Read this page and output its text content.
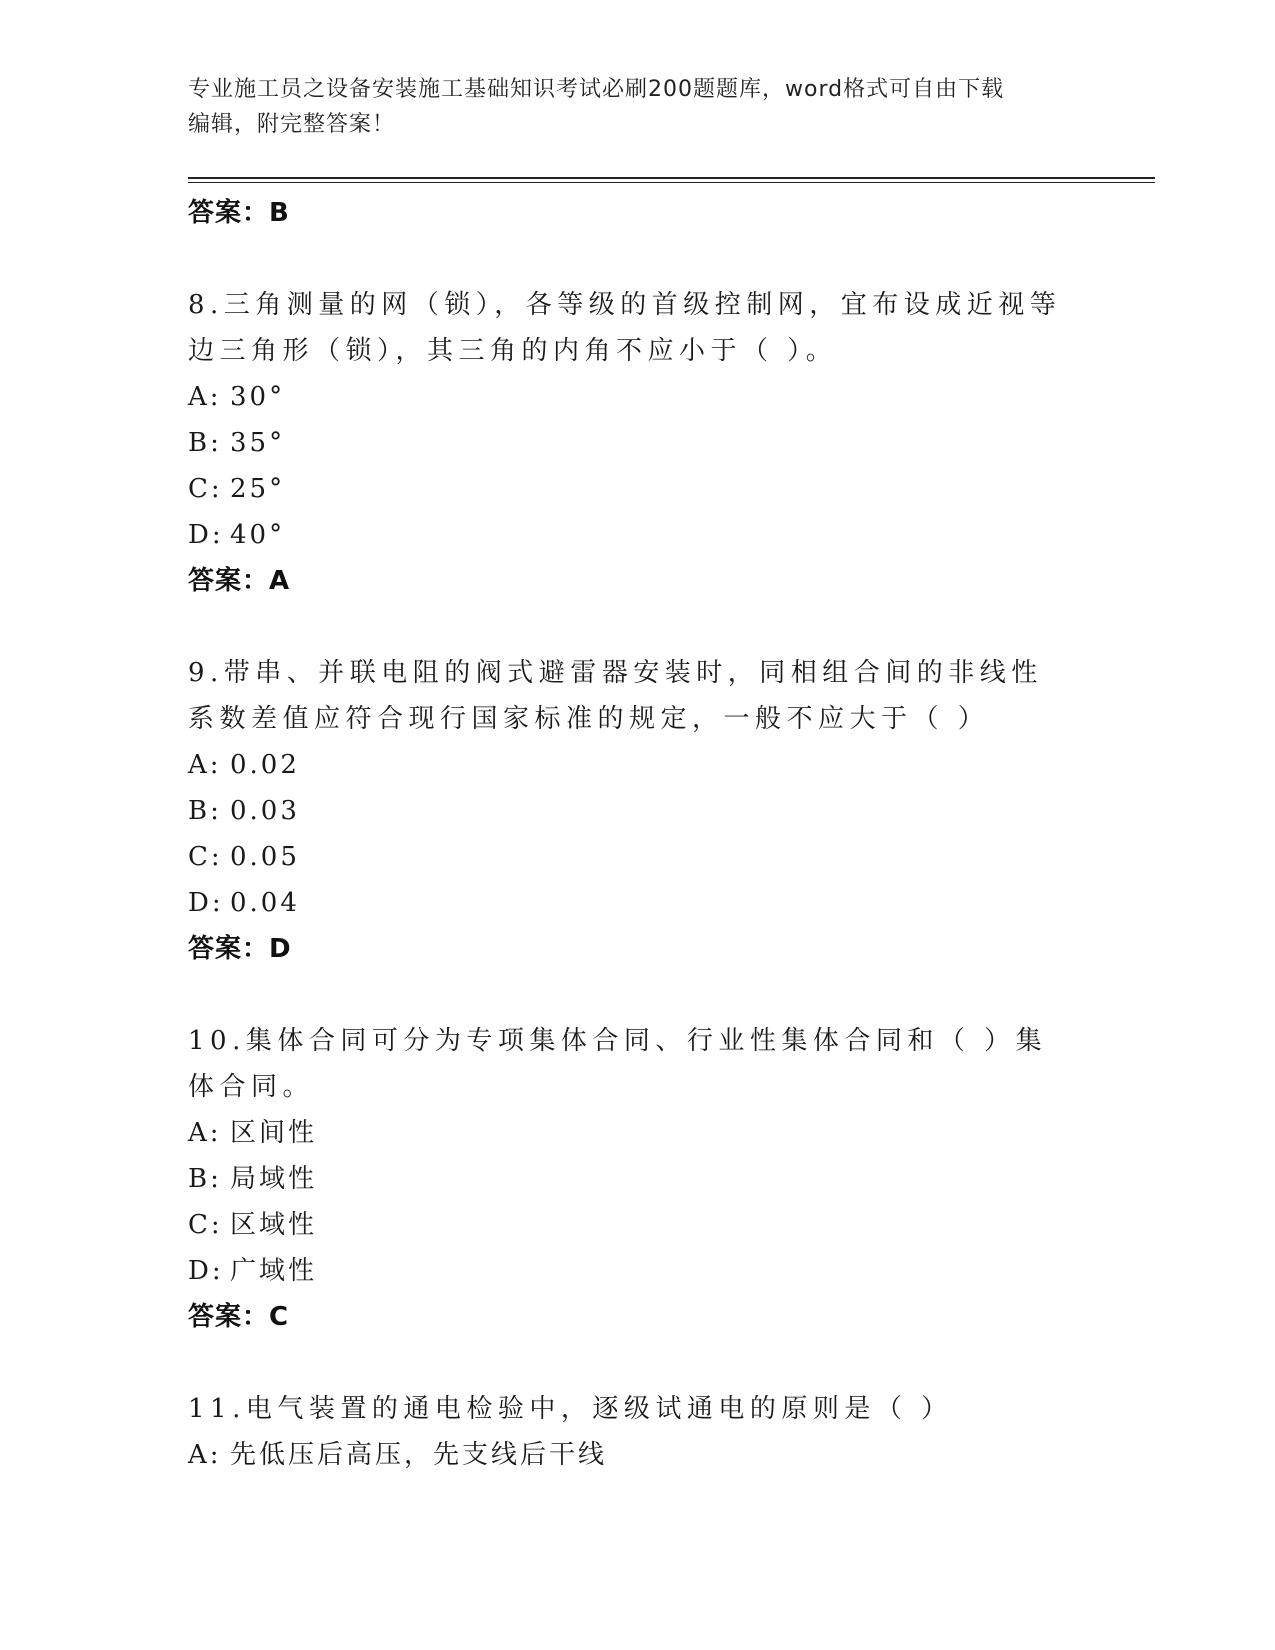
专业施工员之设备安装施工基础知识考试必刷200题题库，word格式可自由下载
编辑，附完整答案！
答案：B
8.三角测量的网（锁），各等级的首级控制网，宜布设成近视等边三角形（锁），其三角的内角不应小于（ ）。
A: 30°
B: 35°
C: 25°
D: 40°
答案：A
9.带串、并联电阻的阀式避雷器安装时，同相组合间的非线性系数差值应符合现行国家标准的规定，一般不应大于（ ）
A: 0.02
B: 0.03
C: 0.05
D: 0.04
答案：D
10.集体合同可分为专项集体合同、行业性集体合同和（ ）集体合同。
A: 区间性
B: 局域性
C: 区域性
D: 广域性
答案：C
11.电气装置的通电检验中，逐级试通电的原则是（ ）
A: 先低压后高压，先支线后干线
